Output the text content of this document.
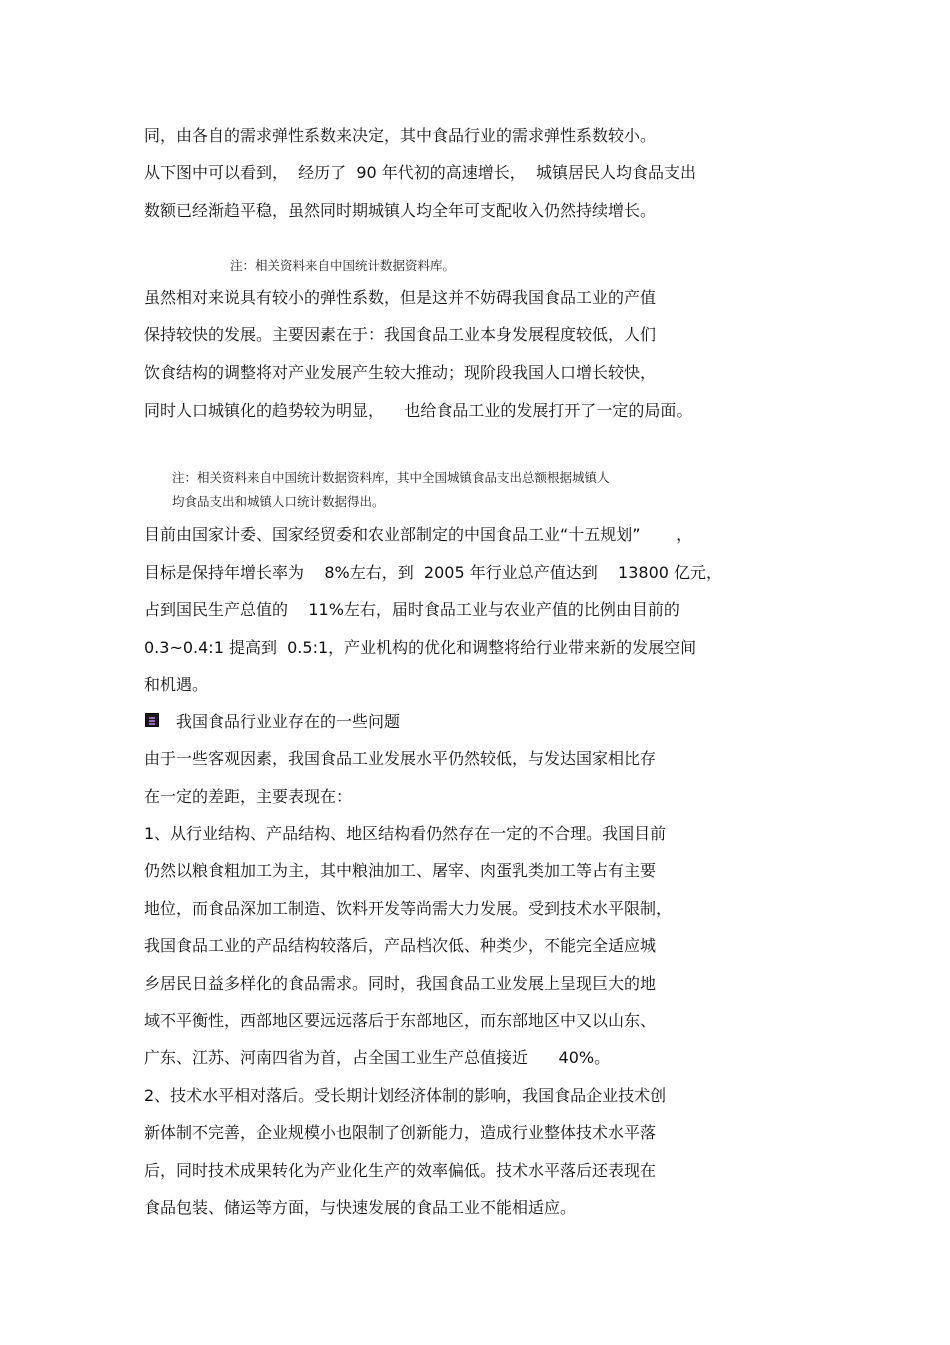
同，由各自的需求弹性系数来决定，其中食品行业的需求弹性系数较小。

从下图中可以看到，  经历了  90 年代初的高速增长，  城镇居民人均食品支出

数额已经渐趋平稳，虽然同时期城镇人均全年可支配收入仍然持续增长。

注：相关资料来自中国统计数据资料库。

虽然相对来说具有较小的弹性系数，但是这并不妨碍我国食品工业的产值

保持较快的发展。主要因素在于：我国食品工业本身发展程度较低，人们

饮食结构的调整将对产业发展产生较大推动；现阶段我国人口增长较快，

同时人口城镇化的趋势较为明显，    也给食品工业的发展打开了一定的局面。

注：相关资料来自中国统计数据资料库，其中全国城镇食品支出总额根据城镇人

均食品支出和城镇人口统计数据得出。

目前由国家计委、国家经贸委和农业部制定的中国食品工业“十五规划”       ，

目标是保持年增长率为    8%左右，到  2005 年行业总产值达到    13800 亿元，

占到国民生产总值的    11%左右，届时食品工业与农业产值的比例由目前的

0.3~0.4:1 提高到  0.5:1，产业机构的优化和调整将给行业带来新的发展空间

和机遇。

我国食品行业业存在的一些问题

由于一些客观因素，我国食品工业发展水平仍然较低，与发达国家相比存

在一定的差距，主要表现在：

1、从行业结构、产品结构、地区结构看仍然存在一定的不合理。我国目前

仍然以粮食粗加工为主，其中粮油加工、屠宰、肉蛋乳类加工等占有主要

地位，而食品深加工制造、饮料开发等尚需大力发展。受到技术水平限制，

我国食品工业的产品结构较落后，产品档次低、种类少，不能完全适应城

乡居民日益多样化的食品需求。同时，我国食品工业发展上呈现巨大的地

域不平衡性，西部地区要远远落后于东部地区，而东部地区中又以山东、

广东、江苏、河南四省为首，占全国工业生产总值接近      40%。

2、技术水平相对落后。受长期计划经济体制的影响，我国食品企业技术创

新体制不完善，企业规模小也限制了创新能力，造成行业整体技术水平落

后，同时技术成果转化为产业化生产的效率偏低。技术水平落后还表现在

食品包装、储运等方面，与快速发展的食品工业不能相适应。
